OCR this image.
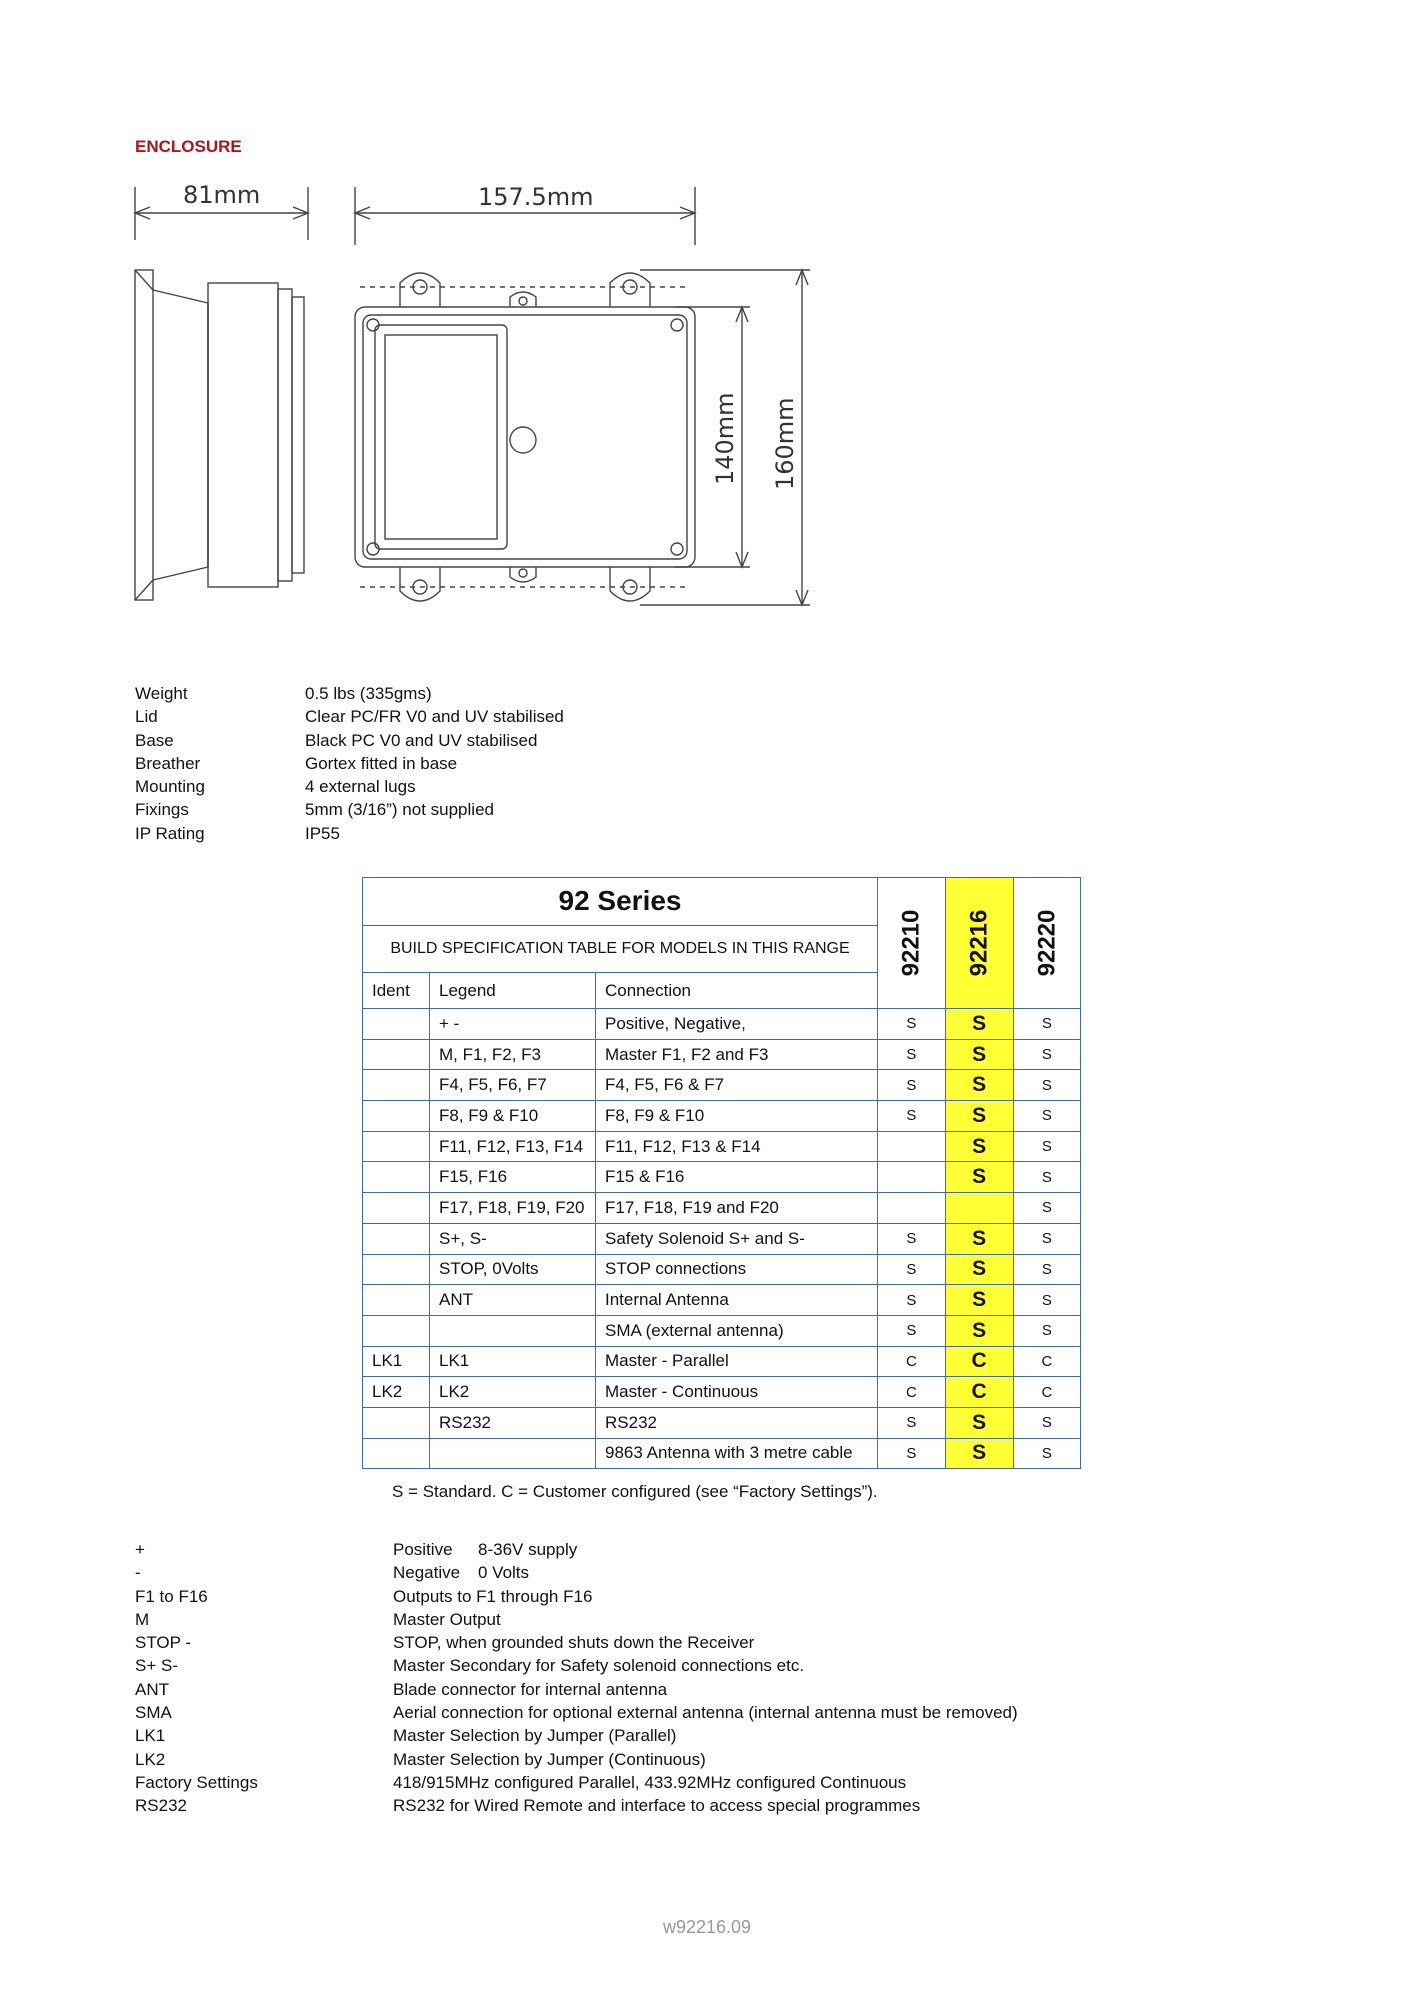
ENCLOSURE
81mm	157.5mm
140mm 160mm
Weight	0.5 lbs (335gms)
Lid	Clear PC/FR V0 and UV stabilised
Base	Black PC V0 and UV stabilised
Breather	Gortex fitted in base
Mounting	4 external lugs
Fixings	5mm (3/16”) not supplied
IP Rating	IP55
92 Series			92210	92216	92220
BUILD SPECIFICATION TABLE FOR MODELS IN THIS RANGE					
Ident	Legend	Connection			
	+ -	Positive, Negative,	S	S	S
	M, F1, F2, F3	Master F1, F2 and F3	S	S	S
	F4, F5, F6, F7	F4, F5, F6 & F7	S	S	S
	F8, F9 & F10	F8, F9 & F10	S	S	S
	F11, F12, F13, F14	F11, F12, F13 & F14		S	S
	F15, F16	F15 & F16		S	S
	F17, F18, F19, F20	F17, F18, F19 and F20			S
	S+, S-	Safety Solenoid S+ and S-	S	S	S
	STOP, 0Volts	STOP connections	S	S	S
	ANT	Internal Antenna	S	S	S
		SMA (external antenna)	S	S	S
LK1	LK1	Master - Parallel	C	C	C
LK2	LK2	Master - Continuous	C	C	C
	RS232	RS232	S	S	S
		9863 Antenna with 3 metre cable	S	S	S
S = Standard. C = Customer configured (see “Factory Settings”).
+	Positive	8-36V supply
-	Negative	0 Volts
F1 to F16	Outputs to F1 through F16
M	Master Output
STOP -	STOP, when grounded shuts down the Receiver
S+ S-	Master Secondary for Safety solenoid connections etc.
ANT	Blade connector for internal antenna
SMA	Aerial connection for optional external antenna (internal antenna must be removed)
LK1	Master Selection by Jumper (Parallel)
LK2	Master Selection by Jumper (Continuous)
Factory Settings	418/915MHz configured Parallel, 433.92MHz configured Continuous
RS232	RS232 for Wired Remote and interface to access special programmes
w92216.09
